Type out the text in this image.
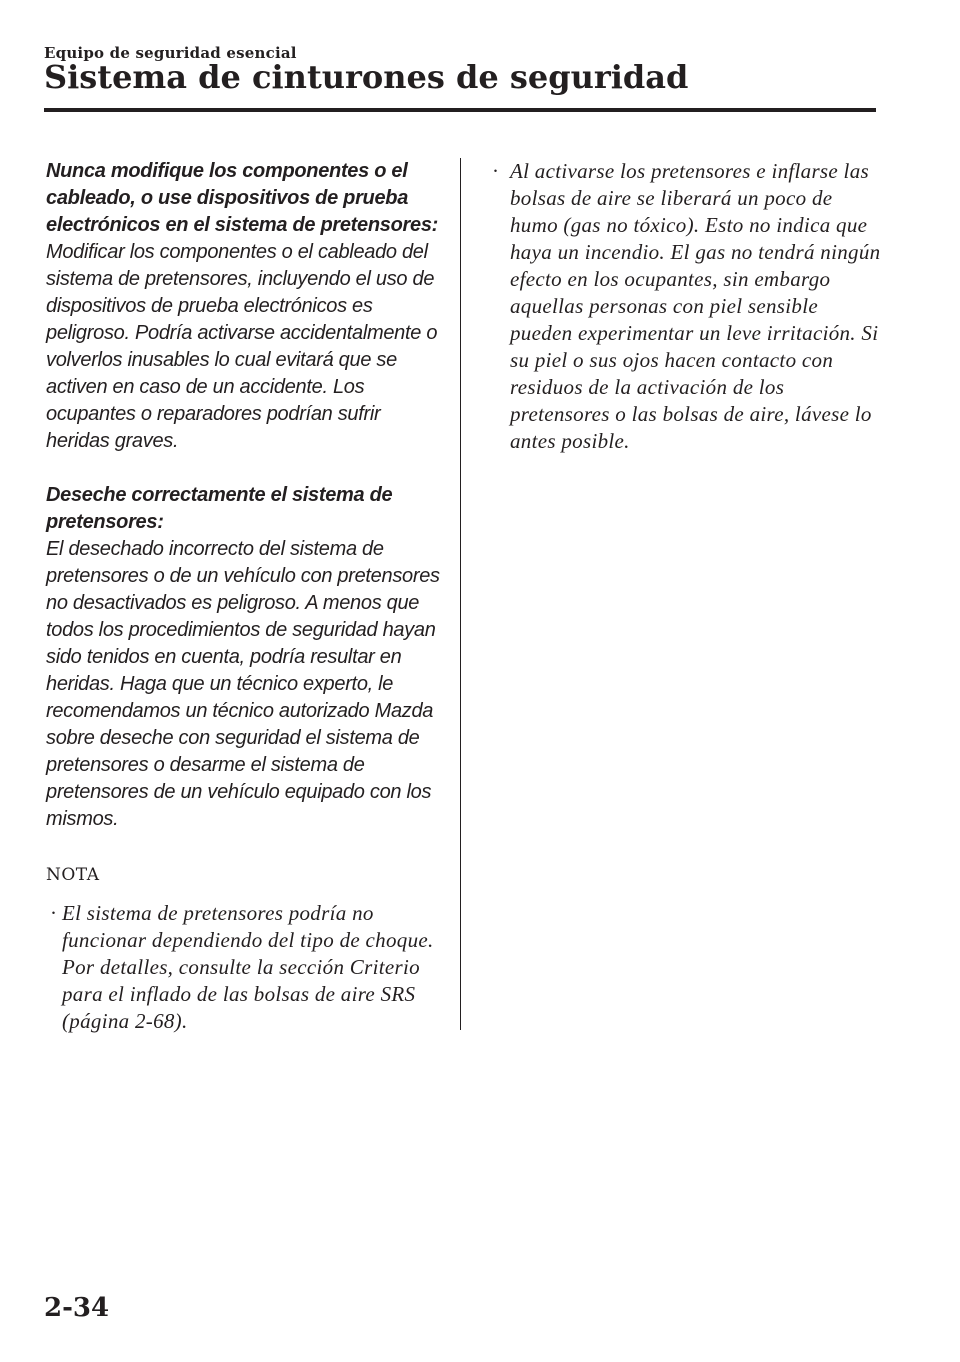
Equipo de seguridad esencial
Sistema de cinturones de seguridad

Nunca modifique los componentes o el cableado, o use dispositivos de prueba electrónicos en el sistema de pretensores:

Modificar los componentes o el cableado del sistema de pretensores, incluyendo el uso de dispositivos de prueba electrónicos es peligroso. Podría activarse accidentalmente o volverlos inusables lo cual evitará que se activen en caso de un accidente. Los ocupantes o reparadores podrían sufrir heridas graves.

Deseche correctamente el sistema de pretensores:

El desechado incorrecto del sistema de pretensores o de un vehículo con pretensores no desactivados es peligroso. A menos que todos los procedimientos de seguridad hayan sido tenidos en cuenta, podría resultar en heridas. Haga que un técnico experto, le recomendamos un técnico autorizado Mazda sobre deseche con seguridad el sistema de pretensores o desarme el sistema de pretensores de un vehículo equipado con los mismos.

NOTA
· El sistema de pretensores podría no funcionar dependiendo del tipo de choque. Por detalles, consulte la sección Criterio para el inflado de las bolsas de aire SRS (página 2-68).
· Al activarse los pretensores e inflarse las bolsas de aire se liberará un poco de humo (gas no tóxico). Esto no indica que haya un incendio. El gas no tendrá ningún efecto en los ocupantes, sin embargo aquellas personas con piel sensible pueden experimentar un leve irritación. Si su piel o sus ojos hacen contacto con residuos de la activación de los pretensores o las bolsas de aire, lávese lo antes posible.
2-34
